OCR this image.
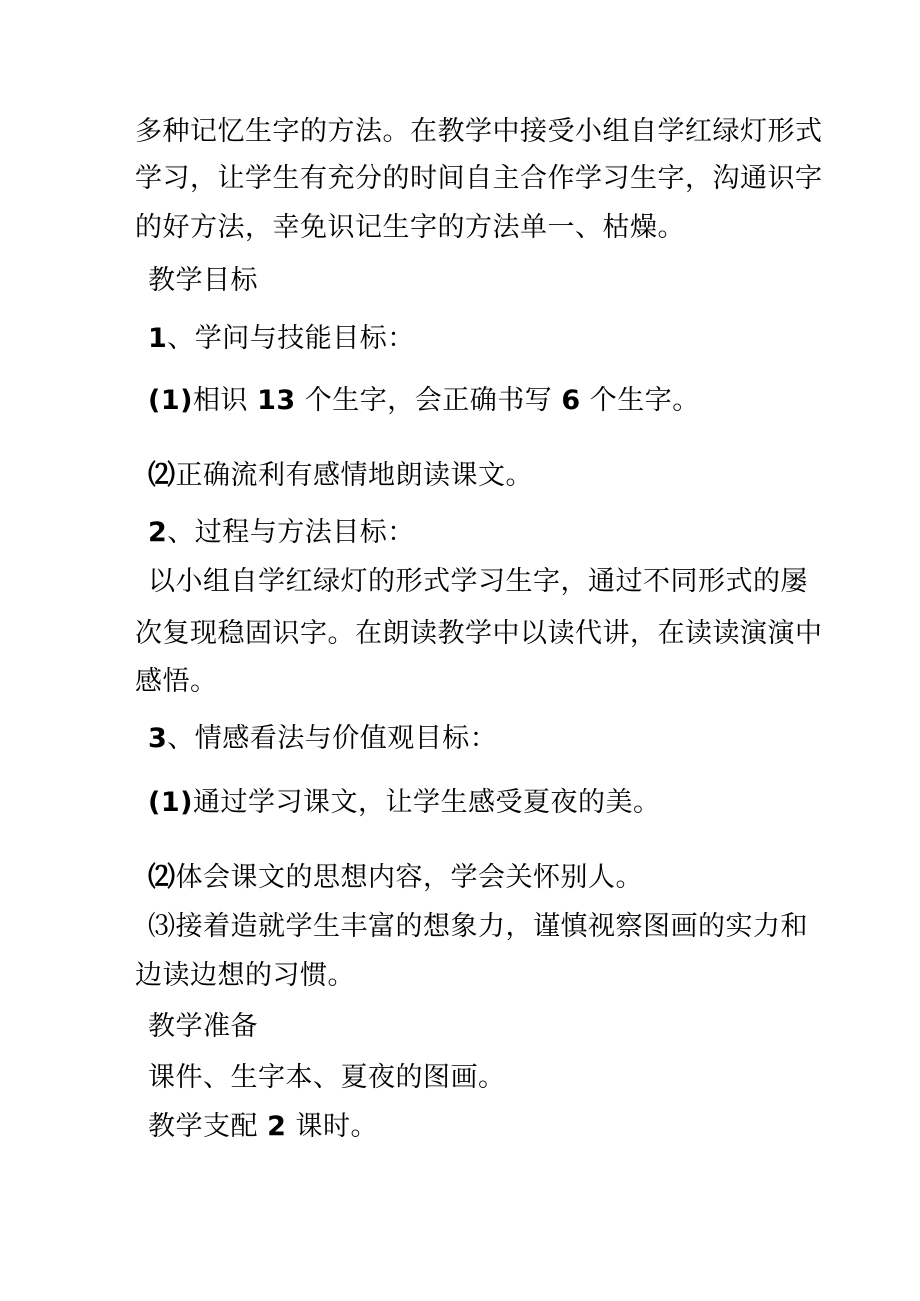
多种记忆生字的方法。在教学中接受小组自学红绿灯形式
学习，让学生有充分的时间自主合作学习生字，沟通识字
的好方法，幸免识记生字的方法单一、枯燥。
教学目标
1、学问与技能目标：
(1)相识 13 个生字，会正确书写 6 个生字。
⑵正确流利有感情地朗读课文。
2、过程与方法目标：
以小组自学红绿灯的形式学习生字，通过不同形式的屡
次复现稳固识字。在朗读教学中以读代讲，在读读演演中
感悟。
3、情感看法与价值观目标：
(1)通过学习课文，让学生感受夏夜的美。
⑵体会课文的思想内容，学会关怀别人。
⑶接着造就学生丰富的想象力，谨慎视察图画的实力和
边读边想的习惯。
教学准备
课件、生字本、夏夜的图画。
教学支配 2 课时。
